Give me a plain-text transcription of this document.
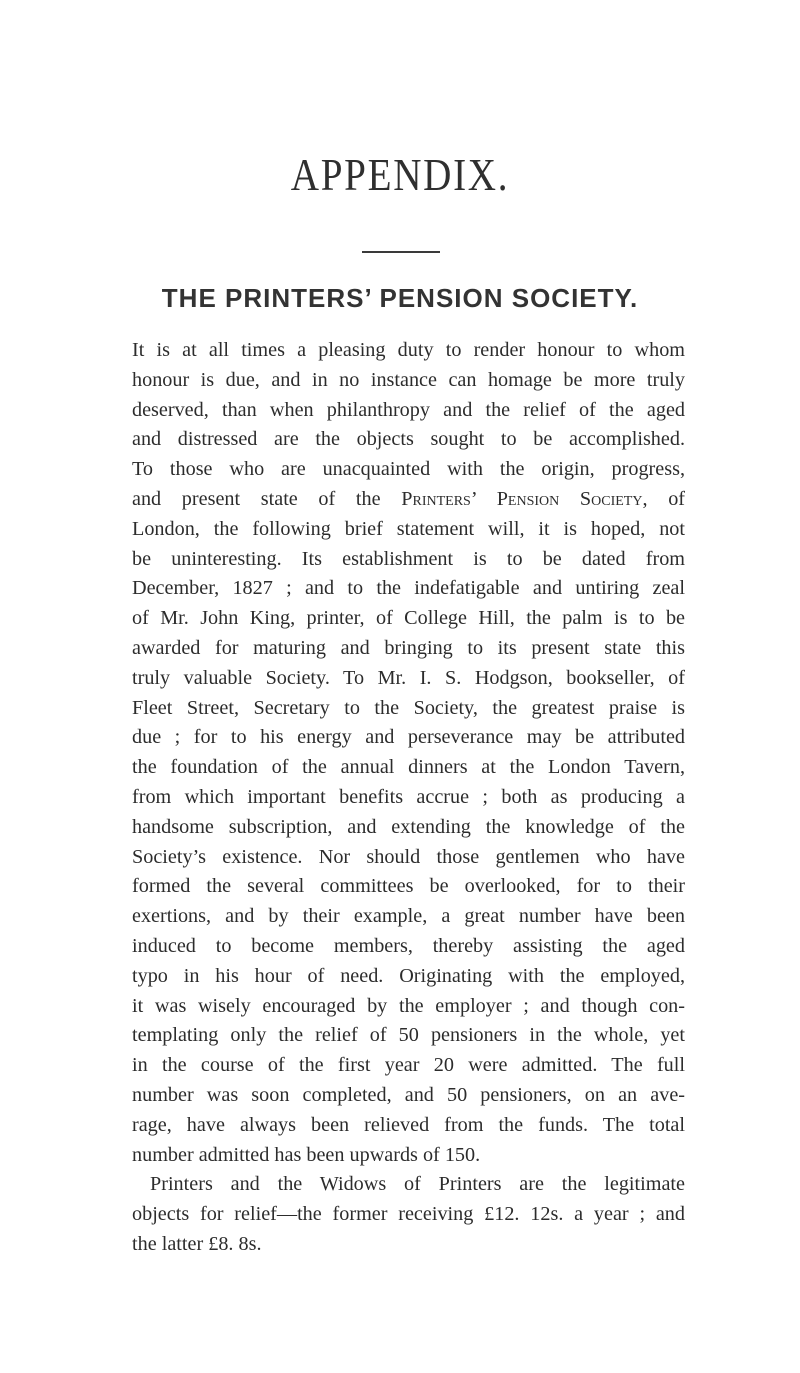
APPENDIX.
THE PRINTERS’ PENSION SOCIETY.
It is at all times a pleasing duty to render honour to whom
honour is due, and in no instance can homage be more truly
deserved, than when philanthropy and the relief of the aged
and distressed are the objects sought to be accomplished.
To those who are unacquainted with the origin, progress,
and present state of the Printers’ Pension Society, of
London, the following brief statement will, it is hoped, not
be uninteresting. Its establishment is to be dated from
December, 1827 ; and to the indefatigable and untiring zeal
of Mr. John King, printer, of College Hill, the palm is to be
awarded for maturing and bringing to its present state this
truly valuable Society. To Mr. I. S. Hodgson, bookseller, of
Fleet Street, Secretary to the Society, the greatest praise is
due ; for to his energy and perseverance may be attributed
the foundation of the annual dinners at the London Tavern,
from which important benefits accrue ; both as producing a
handsome subscription, and extending the knowledge of the
Society’s existence. Nor should those gentlemen who have
formed the several committees be overlooked, for to their
exertions, and by their example, a great number have been
induced to become members, thereby assisting the aged
typo in his hour of need. Originating with the employed,
it was wisely encouraged by the employer ; and though con-
templating only the relief of 50 pensioners in the whole, yet
in the course of the first year 20 were admitted. The full
number was soon completed, and 50 pensioners, on an ave-
rage, have always been relieved from the funds. The total
number admitted has been upwards of 150.
Printers and the Widows of Printers are the legitimate
objects for relief—the former receiving £12. 12s. a year ; and
the latter £8. 8s.
